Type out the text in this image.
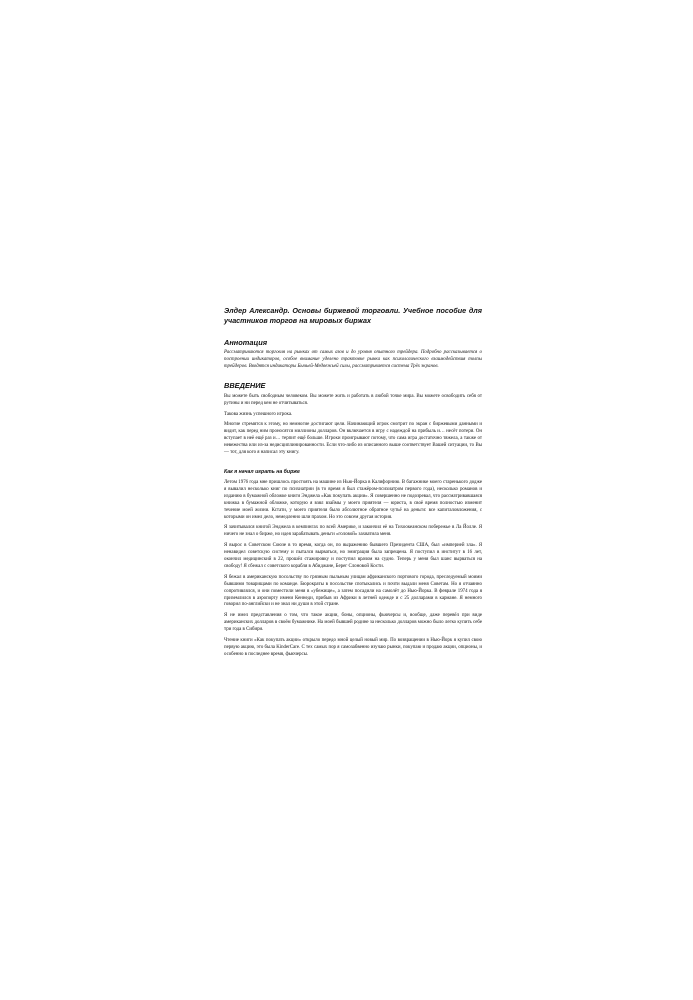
Элдер Александр. Основы биржевой торговли. Учебное пособие для участников торгов на мировых биржах
Аннотация
Рассматриваются торговля на рынках от самых азов и до уровня опытного трейдера. Подробно рассказывается о построении индикаторов, особое внимание уделено трактовке рынка как психологического взаимодействия толпы трейдеров. Вводятся индикаторы Бычьей-Медвежьей силы, рассматривается система Трёх экранов.
ВВЕДЕНИЕ

Вы можете быть свободным человеком. Вы можете жить и работать в любой точке мира. Вы можете освободить себя от рутины и ни перед кем не отчитываться.

Такова жизнь успешного игрока.

Многие стремятся к этому, но немногие достигают цели. Начинающий игрок смотрит по экран с биржевыми данными и видит, как перед ним проносятся миллионы долларов. Он включается в игру с надеждой на прибыль и… несёт потери. Он вступает в неё ещё раз и… терпит ещё больше. Игроки проигрывают потому, что сама игра достаточно тяжела, а также от невежества или из-за недисциплинированности. Если что-либо из описанного выше соответствует Вашей ситуации, то Вы — тот, для кого я написал эту книгу.

Как я начал играть на бирже

Летом 1976 года мне пришлось простоять на машине из Нью-Йорка в Калифорнию. В багажнике моего старенького додже я вывалил несколько книг по психиатрии (в то время я был стажёром-психиатром первого года), несколько романов и изданию в бумажной обложке книги Энджела «Как покупать акции». Я совершенно не подозревал, что рассматривавшаяся книжка в бумажной обложке, которую я взял взаймы у моего приятеля — юриста, в своё время полностью изменит течение моей жизни. Кстати, у моего приятеля было абсолютное обратное чутьё на деньги: все капиталовложения, с которыми он имел дело, немедленно шли прахом. Но это совсем другая история.

Я зачитывался книгой Энджела в кемпингах по всей Америке, и закончил её на Тихоокеанском побережье в Ла Йолле. Я ничего не знал о бирже, но идея зарабатывать деньги «головой» захватила меня.

Я вырос в Советском Союзе в то время, когда он, по выражению бывшего Президента США, был «империей зла». Я ненавидел советскую систему и пытался вырваться, но эмиграция была запрещена. Я поступил в институт в 16 лет, окончил медицинский в 22, прошёл стажировку и поступил врачом на судно. Теперь у меня был шанс вырваться на свободу! Я сбежал с советского корабля в Абиджане, Берег Слоновой Кости.

Я бежал в американскую посольству по грязным пыльным улицам африканского портового города, преследуемый моими бывшими товарищами по команде. Бюрократы в посольстве спотыкались и почти выдали меня Советам. Но я отчаянно сопротивлялся, и они поместили меня в «убежище», а затем посадили на самолёт до Нью-Йорка. В феврале 1974 года я приземлился в аэропорту имени Кеннеди, прибыв из Африки в летней одежде и с 25 долларами в кармане. Я немного говорил по-английски и не знал ни души в этой стране.

Я не имел представления о том, что такое акции, боны, опционы, фьючерсы и, вообще, даже перевёл при виде американских долларов в своём бумажнике. На моей бывшей родине за несколько долларов можно было легко купить себе три года в Сибири.

Чтение книги «Как покупать акции» открыло передо мной целый новый мир. По возвращении в Нью-Йорк я купил свою первую акцию, это была KinderCare. С тех самых пор я самозабвенно изучаю рынки, покупаю и продаю акции, опционы, и особенно в последнее время, фьючерсы.
